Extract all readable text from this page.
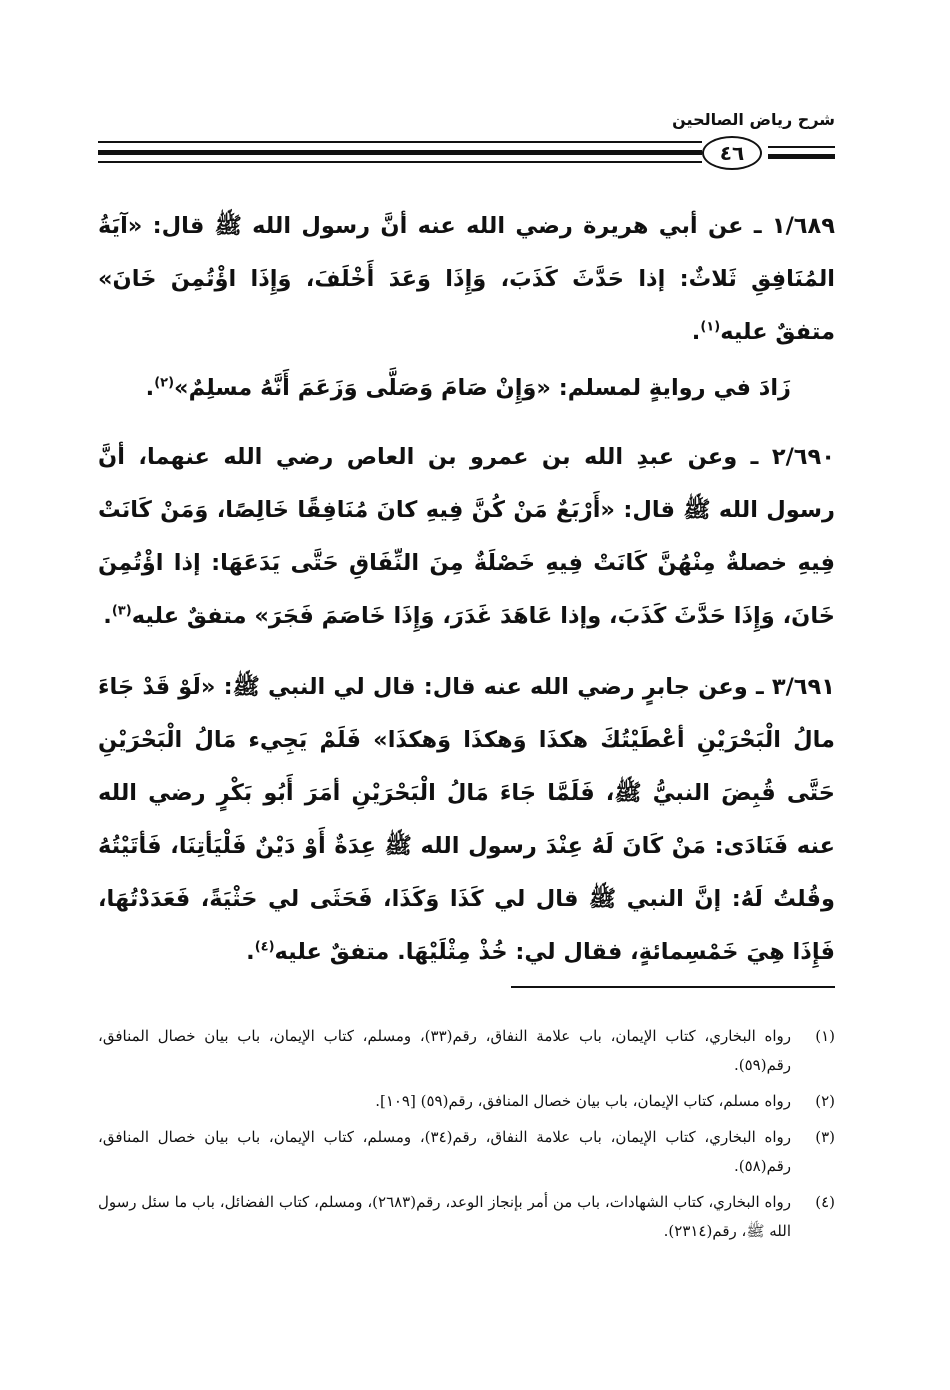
شرح رياض الصالحين
٤٦

١/٦٨٩ ـ عن أبي هريرة رضي الله عنه أنَّ رسول الله ﷺ قال: «آيَةُ المُنَافِقِ ثَلاثٌ: إذا حَدَّثَ كَذَبَ، وَإِذَا وَعَدَ أَخْلَفَ، وَإِذَا اؤْتُمِنَ خَانَ» متفقٌ عليه$^{(١)}$.

زَادَ في روايةٍ لمسلم: «وَإِنْ صَامَ وَصَلَّى وَزَعَمَ أَنَّهُ مسلِمٌ»$^{(٢)}$.

٢/٦٩٠ ـ وعن عبدِ الله بن عمرو بن العاص رضي الله عنهما، أنَّ رسول الله ﷺ قال: «أَرْبَعٌ مَنْ كُنَّ فِيهِ كانَ مُنَافِقًا خَالِصًا، وَمَنْ كَانَتْ فِيهِ خصلةٌ مِنْهُنَّ كَانَتْ فِيهِ خَصْلَةٌ مِنَ النِّفَاقِ حَتَّى يَدَعَهَا: إذا اؤْتُمِنَ خَانَ، وَإِذَا حَدَّثَ كَذَبَ، وإذا عَاهَدَ غَدَرَ، وَإِذَا خَاصَمَ فَجَرَ» متفقٌ عليه$^{(٣)}$.

٣/٦٩١ ـ وعن جابرٍ رضي الله عنه قال: قال لي النبي ﷺ: «لَوْ قَدْ جَاءَ مالُ الْبَحْرَيْنِ أعْطَيْتُكَ هكذَا وَهكذَا وَهكذَا» فَلَمْ يَجِيء مَالُ الْبَحْرَيْنِ حَتَّى قُبِضَ النبيُّ ﷺ، فَلَمَّا جَاءَ مَالُ الْبَحْرَيْنِ أمَرَ أَبُو بَكْرٍ رضي الله عنه فَنَادَى: مَنْ كَانَ لَهُ عِنْدَ رسول الله ﷺ عِدَةٌ أَوْ دَيْنٌ فَلْيَأتِنَا، فَأتَيْتُهُ وقُلتُ لَهُ: إنَّ النبي ﷺ قال لي كَذَا وَكَذَا، فَحَثَى لي حَثْيَةً، فَعَدَدْتُهَا، فَإِذَا هِيَ خَمْسِمائةٍ، فقال لي: خُذْ مِثْلَيْهَا. متفقٌ عليه$^{(٤)}$.

(١)
رواه البخاري، كتاب الإيمان، باب علامة النفاق، رقم(٣٣)، ومسلم، كتاب الإيمان، باب بيان خصال المنافق، رقم(٥٩).
(٢)
رواه مسلم، كتاب الإيمان، باب بيان خصال المنافق، رقم(٥٩) [١٠٩].
(٣)
رواه البخاري، كتاب الإيمان، باب علامة النفاق، رقم(٣٤)، ومسلم، كتاب الإيمان، باب بيان خصال المنافق، رقم(٥٨).
(٤)
رواه البخاري، كتاب الشهادات، باب من أمر بإنجاز الوعد، رقم(٢٦٨٣)، ومسلم، كتاب الفضائل، باب ما سئل رسول الله ﷺ، رقم(٢٣١٤).
